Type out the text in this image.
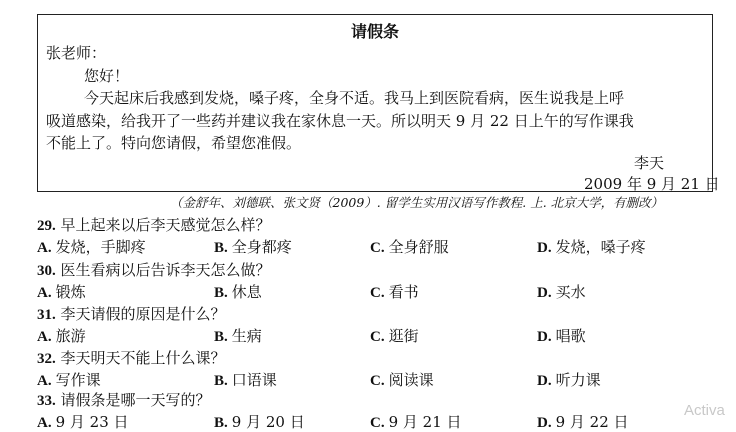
请假条
张老师：
您好！
今天起床后我感到发烧，嗓子疼，全身不适。我马上到医院看病，医生说我是上呼
吸道感染，给我开了一些药并建议我在家休息一天。所以明天 9 月 22 日上午的写作课我
不能上了。特向您请假，希望您准假。
李天
2009 年 9 月 21 日
（金舒年、刘德联、张文贤（2009）. 留学生实用汉语写作教程. 上. 北京大学，有删改）
29. 早上起来以后李天感觉怎么样？
A. 发烧，手脚疼	B. 全身都疼	C. 全身舒服	D. 发烧，嗓子疼
30. 医生看病以后告诉李天怎么做？
A. 锻炼	B. 休息	C. 看书	D. 买水
31. 李天请假的原因是什么？
A. 旅游	B. 生病	C. 逛街	D. 唱歌
32. 李天明天不能上什么课？
A. 写作课	B. 口语课	C. 阅读课	D. 听力课
33. 请假条是哪一天写的？
A. 9 月 23 日	B. 9 月 20 日	C. 9 月 21 日	D. 9 月 22 日
Activa
